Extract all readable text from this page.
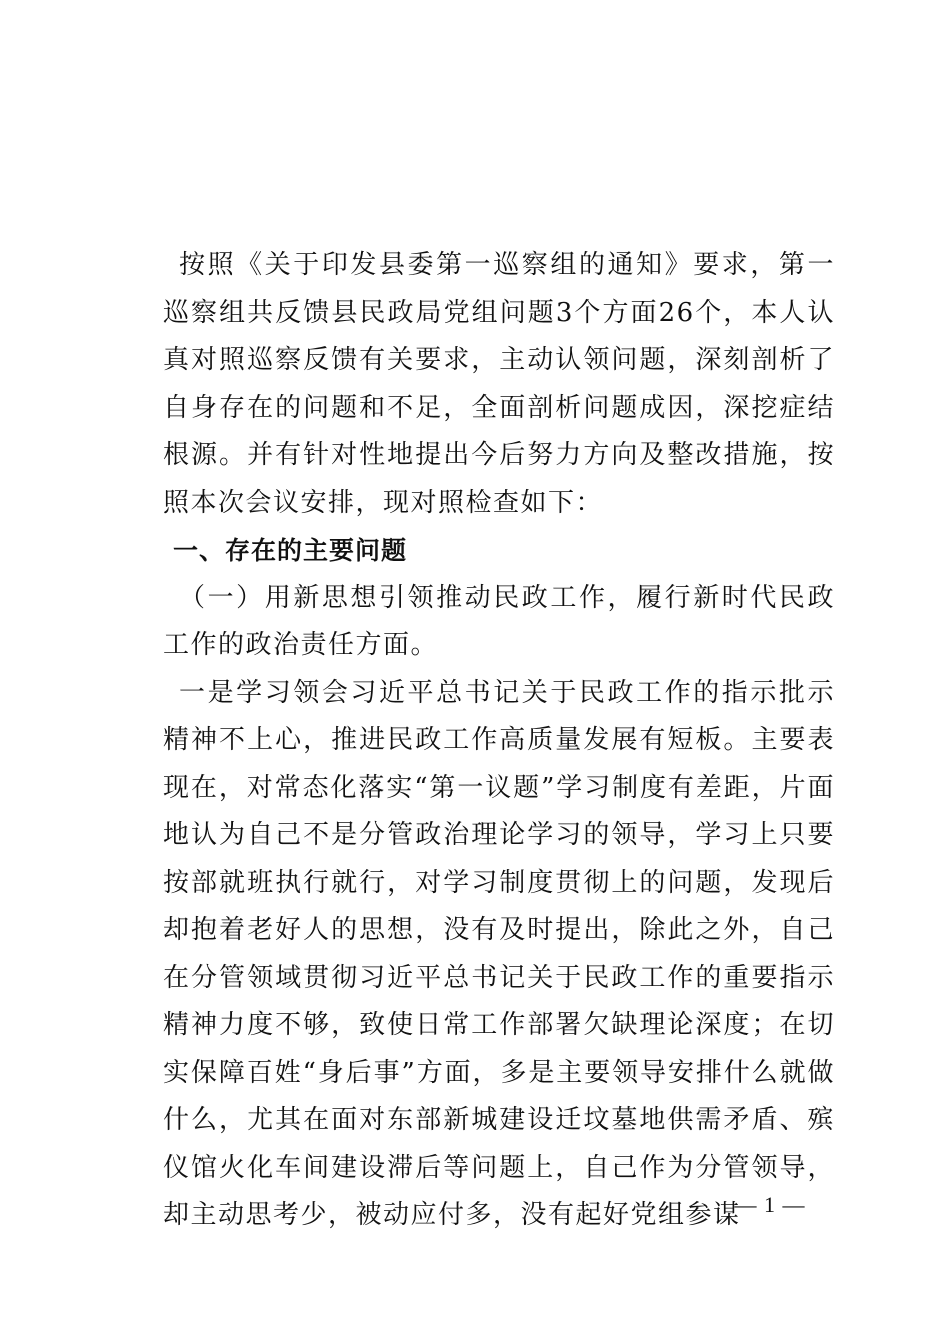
按照《关于印发县委第一巡察组的通知》要求，第一巡察组共反馈县民政局党组问题3个方面26个，本人认真对照巡察反馈有关要求，主动认领问题，深刻剖析了自身存在的问题和不足，全面剖析问题成因，深挖症结根源。并有针对性地提出今后努力方向及整改措施，按照本次会议安排，现对照检查如下：

一、存在的主要问题

（一）用新思想引领推动民政工作，履行新时代民政工作的政治责任方面。

一是学习领会习近平总书记关于民政工作的指示批示精神不上心，推进民政工作高质量发展有短板。主要表现在，对常态化落实“第一议题”学习制度有差距，片面地认为自己不是分管政治理论学习的领导，学习上只要按部就班执行就行，对学习制度贯彻上的问题，发现后却抱着老好人的思想，没有及时提出，除此之外，自己在分管领域贯彻习近平总书记关于民政工作的重要指示精神力度不够，致使日常工作部署欠缺理论深度；在切实保障百姓“身后事”方面，多是主要领导安排什么就做什么，尤其在面对东部新城建设迁坟墓地供需矛盾、殡仪馆火化车间建设滞后等问题上，自己作为分管领导，却主动思考少，被动应付多，没有起好党组参谋

— 1 —
